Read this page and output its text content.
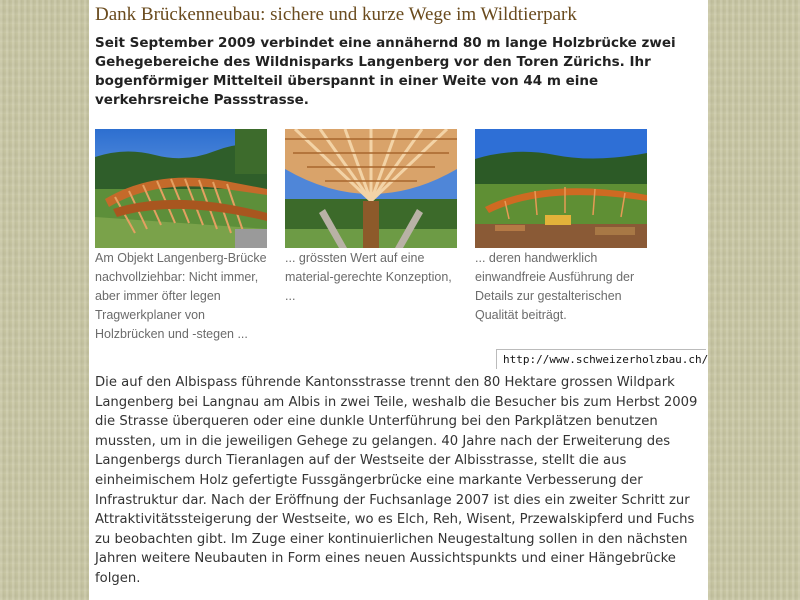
Dank Brückenneubau: sichere und kurze Wege im Wildtierpark
Seit September 2009 verbindet eine annähernd 80 m lange Holzbrücke zwei Gehegebereiche des Wildnisparks Langenberg vor den Toren Zürichs. Ihr bogenförmiger Mittelteil überspannt in einer Weite von 44 m eine verkehrsreiche Passstrasse.
Am Objekt Langenberg-Brücke nachvollziehbar: Nicht immer, aber immer öfter legen Tragwerkplaner von Holzbrücken und -stegen ...
... grössten Wert auf eine material-gerechte Konzeption, ...
... deren handwerklich einwandfreie Ausführung der Details zur gestalterischen Qualität beiträgt.
http://www.schweizerholzbau.ch/
Die auf den Albispass führende Kantonsstrasse trennt den 80 Hektare grossen Wildpark Langenberg bei Langnau am Albis in zwei Teile, weshalb die Besucher bis zum Herbst 2009 die Strasse überqueren oder eine dunkle Unterführung bei den Parkplätzen benutzen mussten, um in die jeweiligen Gehege zu gelangen. 40 Jahre nach der Erweiterung des Langenbergs durch Tieranlagen auf der Westseite der Albisstrasse, stellt die aus einheimischem Holz gefertigte Fussgängerbrücke eine markante Verbesserung der Infrastruktur dar. Nach der Eröffnung der Fuchsanlage 2007 ist dies ein zweiter Schritt zur Attraktivitätssteigerung der Westseite, wo es Elch, Reh, Wisent, Przewalskipferd und Fuchs zu beobachten gibt. Im Zuge einer kontinuierlichen Neugestaltung sollen in den nächsten Jahren weitere Neubauten in Form eines neuen Aussichtspunkts und einer Hängebrücke folgen.
